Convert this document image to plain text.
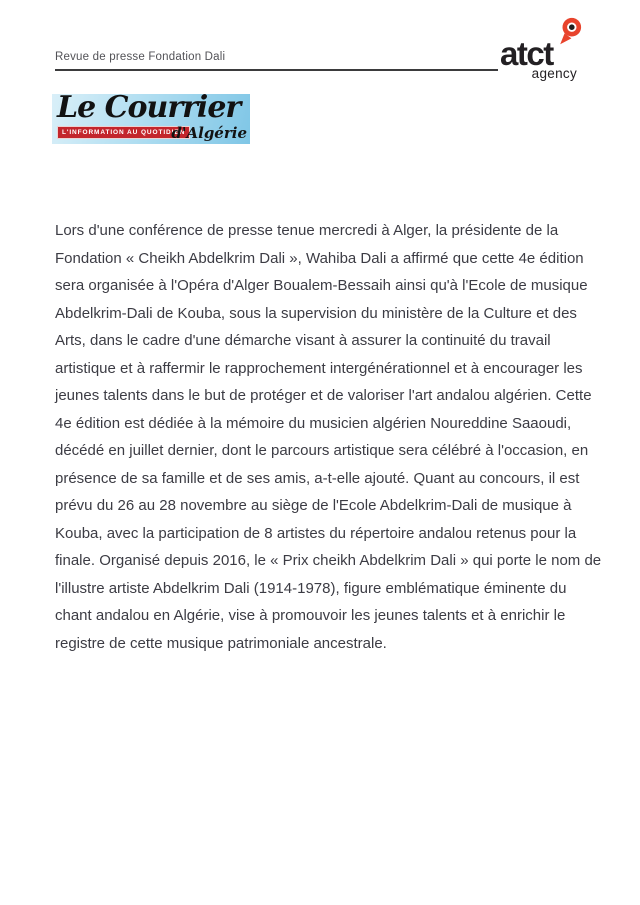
Revue de presse Fondation Dali	atct
agency
Le Courrier
L'INFORMATION AU QUOTIDIEN
d'Algérie

Lors d'une conférence de presse tenue mercredi à Alger, la présidente de la Fondation « Cheikh Abdelkrim Dali », Wahiba Dali a affirmé que cette 4e édition sera organisée à l'Opéra d'Alger Boualem-Bessaih ainsi qu'à l'Ecole de musique Abdelkrim-Dali de Kouba, sous la supervision du ministère de la Culture et des Arts, dans le cadre d'une démarche visant à assurer la continuité du travail artistique et à raffermir le rapprochement intergénérationnel et à encourager les jeunes talents dans le but de protéger et de valoriser l'art andalou algérien. Cette 4e édition est dédiée à la mémoire du musicien algérien Noureddine Saaoudi, décédé en juillet dernier, dont le parcours artistique sera célébré à l'occasion, en présence de sa famille et de ses amis, a-t-elle ajouté. Quant au concours, il est prévu du 26 au 28 novembre au siège de l'Ecole Abdelkrim-Dali de musique à Kouba, avec la participation de 8 artistes du répertoire andalou retenus pour la finale. Organisé depuis 2016, le « Prix cheikh Abdelkrim Dali » qui porte le nom de l'illustre artiste Abdelkrim Dali (1914-1978), figure emblématique éminente du chant andalou en Algérie, vise à promouvoir les jeunes talents et à enrichir le registre de cette musique patrimoniale ancestrale.
